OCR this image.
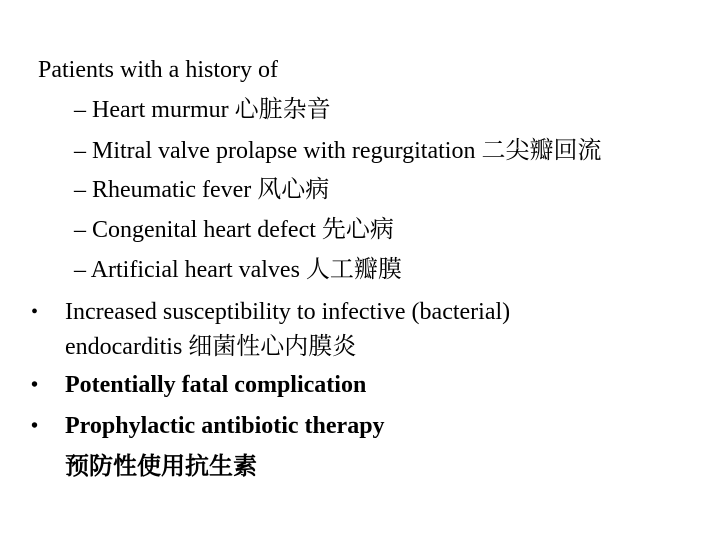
Patients with a history of
– Heart murmur 心脏杂音
– Mitral valve prolapse with regurgitation 二尖瓣回流
– Rheumatic fever 风心病
– Congenital heart defect 先心病
– Artificial heart valves 人工瓣膜
• Increased susceptibility to infective (bacterial)
endocarditis 细菌性心内膜炎
• Potentially fatal complication
• Prophylactic antibiotic therapy
预防性使用抗生素
